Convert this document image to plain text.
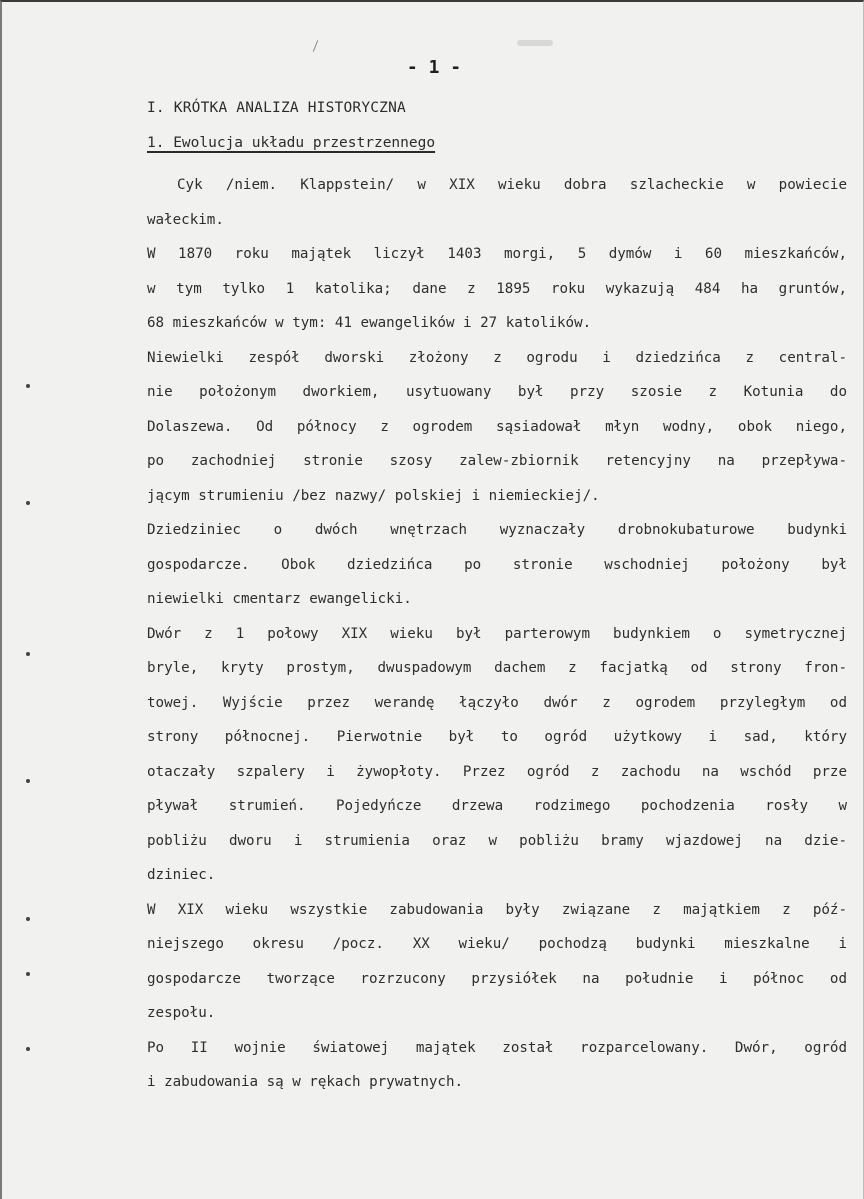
- 1 -
I. KRÓTKA ANALIZA HISTORYCZNA
1. Ewolucja układu przestrzennego
Cyk /niem. Klappstein/ w XIX wieku dobra szlacheckie w powiecie
wałeckim.
W 1870 roku majątek liczył 1403 morgi, 5 dymów i 60 mieszkańców,
w tym tylko 1 katolika; dane z 1895 roku wykazują 484 ha gruntów,
68 mieszkańców w tym: 41 ewangelików i 27 katolików.
Niewielki zespół dworski złożony z ogrodu i dziedzińca z central-
nie położonym dworkiem, usytuowany był przy szosie z Kotunia do
Dolaszewa. Od północy z ogrodem sąsiadował młyn wodny, obok niego,
po zachodniej stronie szosy zalew-zbiornik retencyjny na przepływa-
jącym strumieniu /bez nazwy/ polskiej i niemieckiej/.
Dziedziniec o dwóch wnętrzach wyznaczały drobnokubaturowe budynki
gospodarcze. Obok dziedzińca po stronie wschodniej położony był
niewielki cmentarz ewangelicki.
Dwór z 1 połowy XIX wieku był parterowym budynkiem o symetrycznej
bryle, kryty prostym, dwuspadowym dachem z facjatką od strony fron-
towej. Wyjście przez werandę łączyło dwór z ogrodem przyległym od
strony północnej. Pierwotnie był to ogród użytkowy i sad, który
otaczały szpalery i żywopłoty. Przez ogród z zachodu na wschód prze
pływał strumień. Pojedyńcze drzewa rodzimego pochodzenia rosły w
pobliżu dworu i strumienia oraz w pobliżu bramy wjazdowej na dzie-
dziniec.
W XIX wieku wszystkie zabudowania były związane z majątkiem z póź-
niejszego okresu /pocz. XX wieku/ pochodzą budynki mieszkalne i
gospodarcze tworzące rozrzucony przysiółek na południe i północ od
zespołu.
Po II wojnie światowej majątek został rozparcelowany. Dwór, ogród
i zabudowania są w rękach prywatnych.
